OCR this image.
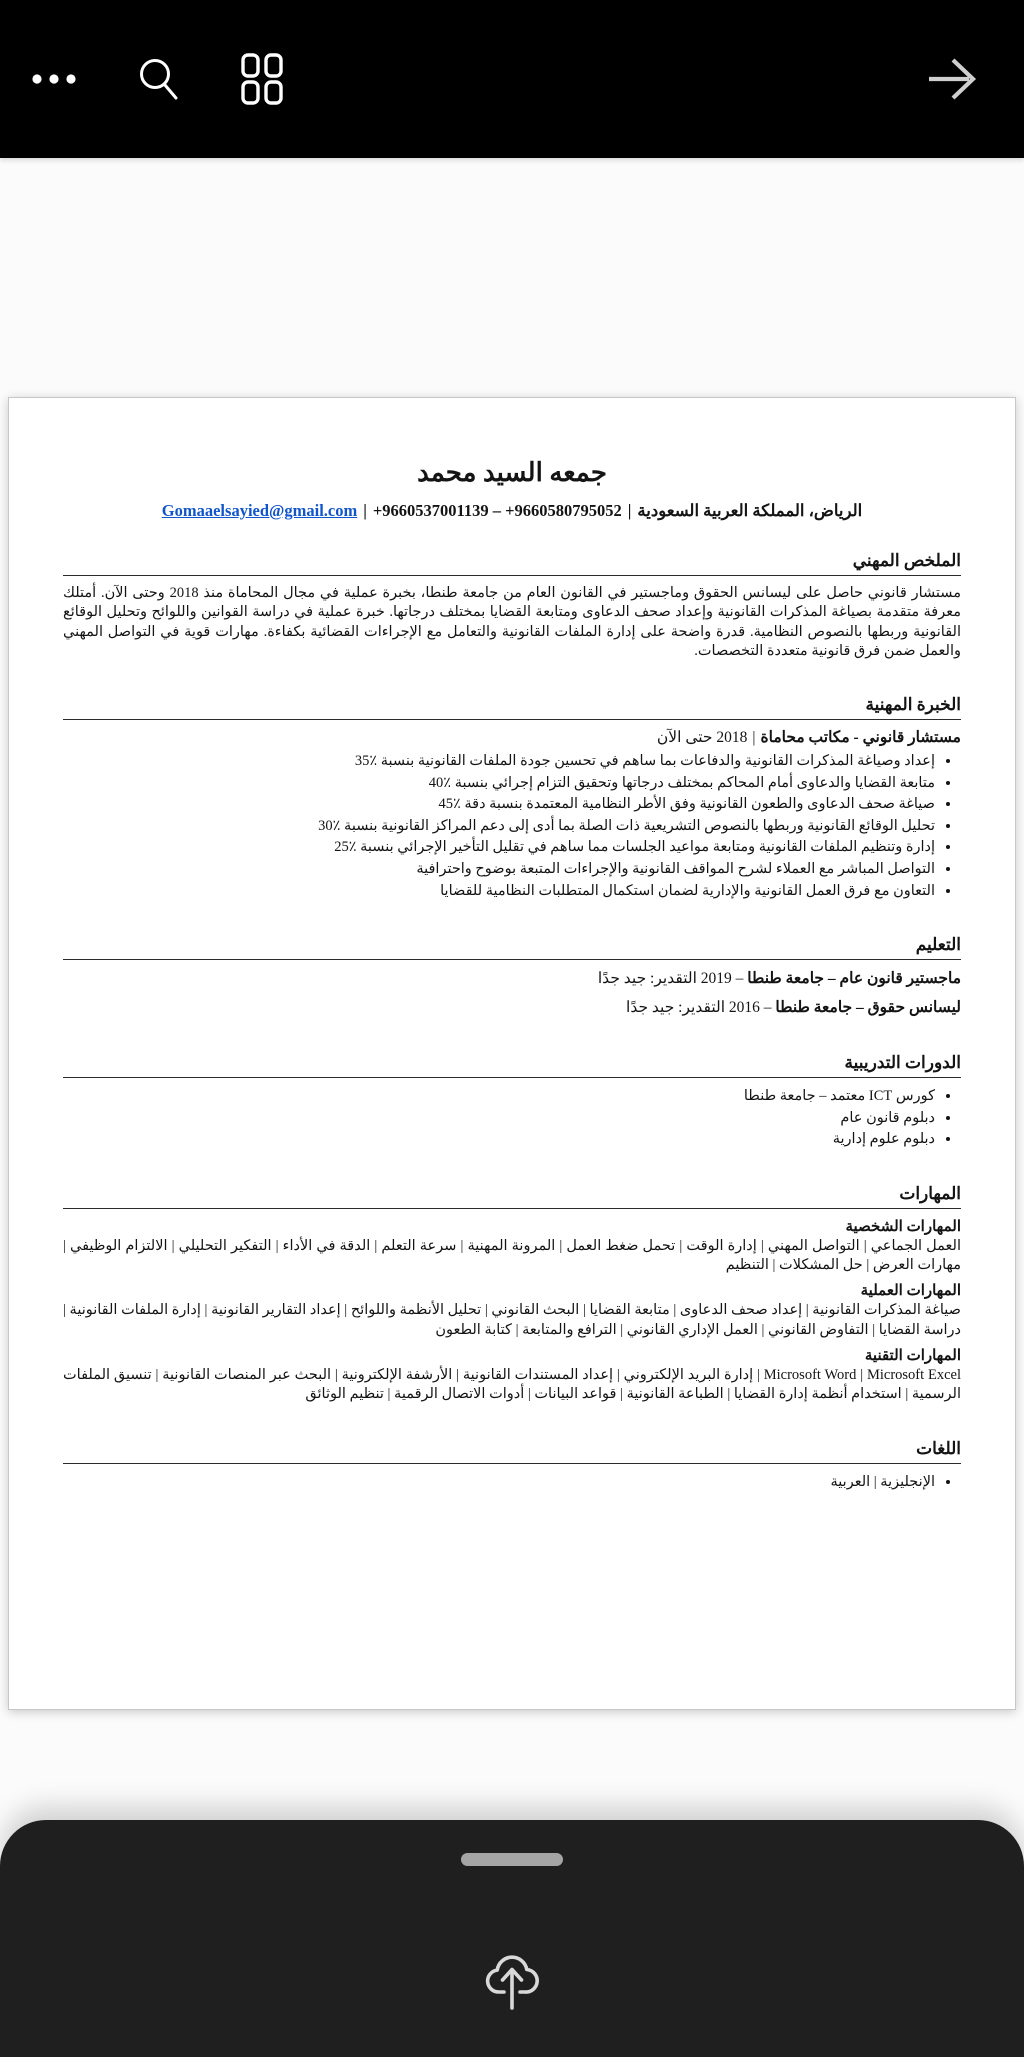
جمعه السيد محمد
الرياض، المملكة العربية السعودية|+9660537001139 – +9660580795052|Gomaaelsayied@gmail.com
الملخص المهني

مستشار قانوني حاصل على ليسانس الحقوق وماجستير في القانون العام من جامعة طنطا، بخبرة عملية في مجال المحاماة منذ 2018 وحتى الآن. أمتلك معرفة متقدمة بصياغة المذكرات القانونية وإعداد صحف الدعاوى ومتابعة القضايا بمختلف درجاتها. خبرة عملية في دراسة القوانين واللوائح وتحليل الوقائع القانونية وربطها بالنصوص النظامية. قدرة واضحة على إدارة الملفات القانونية والتعامل مع الإجراءات القضائية بكفاءة. مهارات قوية في التواصل المهني والعمل ضمن فرق قانونية متعددة التخصصات.

الخبرة المهنية
مستشار قانوني - مكاتب محاماة|2018 حتى الآن
• إعداد وصياغة المذكرات القانونية والدفاعات بما ساهم في تحسين جودة الملفات القانونية بنسبة ٪35
• متابعة القضايا والدعاوى أمام المحاكم بمختلف درجاتها وتحقيق التزام إجرائي بنسبة ٪40
• صياغة صحف الدعاوى والطعون القانونية وفق الأطر النظامية المعتمدة بنسبة دقة ٪45
• تحليل الوقائع القانونية وربطها بالنصوص التشريعية ذات الصلة بما أدى إلى دعم المراكز القانونية بنسبة ٪30
• إدارة وتنظيم الملفات القانونية ومتابعة مواعيد الجلسات مما ساهم في تقليل التأخير الإجرائي بنسبة ٪25
• التواصل المباشر مع العملاء لشرح المواقف القانونية والإجراءات المتبعة بوضوح واحترافية
• التعاون مع فرق العمل القانونية والإدارية لضمان استكمال المتطلبات النظامية للقضايا
التعليم

ماجستير قانون عام – جامعة طنطا – 2019 التقدير: جيد جدًا

ليسانس حقوق – جامعة طنطا – 2016 التقدير: جيد جدًا

الدورات التدريبية
• كورس ICT معتمد – جامعة طنطا
• دبلوم قانون عام
• دبلوم علوم إدارية
المهارات
المهارات الشخصية

العمل الجماعي | التواصل المهني | إدارة الوقت | تحمل ضغط العمل | المرونة المهنية | سرعة التعلم | الدقة في الأداء | التفكير التحليلي | الالتزام الوظيفي | مهارات العرض | حل المشكلات | التنظيم

المهارات العملية

صياغة المذكرات القانونية | إعداد صحف الدعاوى | متابعة القضايا | البحث القانوني | تحليل الأنظمة واللوائح | إعداد التقارير القانونية | إدارة الملفات القانونية | دراسة القضايا | التفاوض القانوني | العمل الإداري القانوني | الترافع والمتابعة | كتابة الطعون

المهارات التقنية

Microsoft Word | Microsoft Excel | إدارة البريد الإلكتروني | إعداد المستندات القانونية | الأرشفة الإلكترونية | البحث عبر المنصات القانونية | تنسيق الملفات الرسمية | استخدام أنظمة إدارة القضايا | الطباعة القانونية | قواعد البيانات | أدوات الاتصال الرقمية | تنظيم الوثائق

اللغات
• الإنجليزية | العربية
